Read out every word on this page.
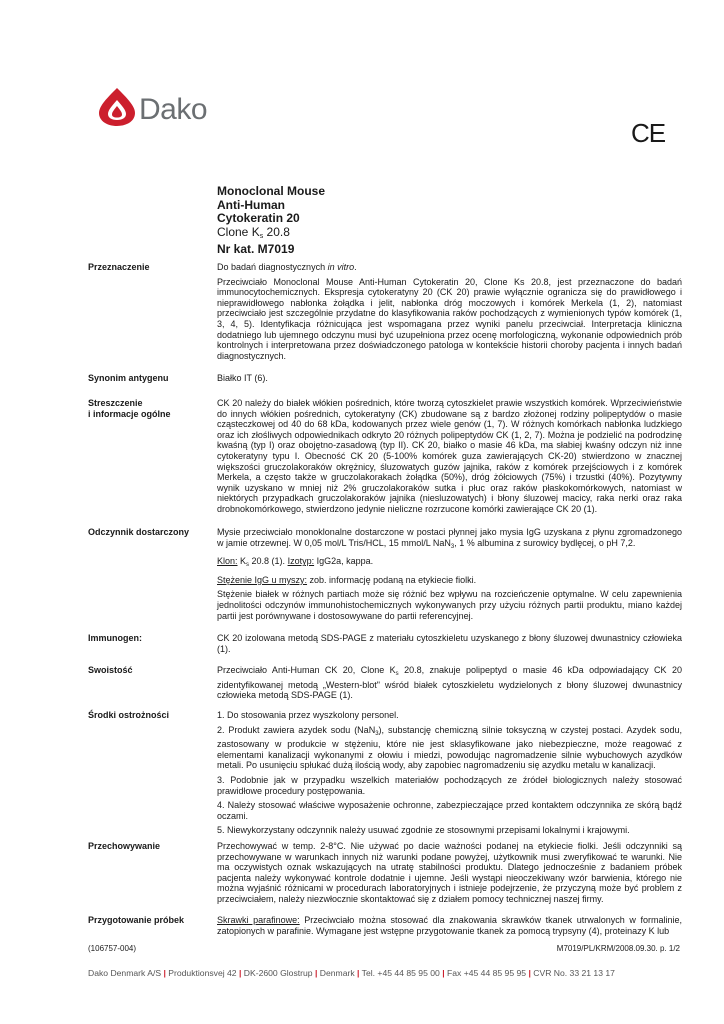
Dako
CE
Monoclonal Mouse
Anti-Human
Cytokeratin 20
Clone $K_s$ 20.8
Nr kat. M7019
Przeznaczenie	Do badań diagnostycznych in vitro.

Przeciwciało Monoclonal Mouse Anti-Human Cytokeratin 20, Clone Ks 20.8, jest przeznaczone do badań immunocytochemicznych. Ekspresja cytokeratyny 20 (CK 20) prawie wyłącznie ogranicza się do prawidłowego i nieprawidłowego nabłonka żołądka i jelit, nabłonka dróg moczowych i komórek Merkela (1, 2), natomiast przeciwciało jest szczególnie przydatne do klasyfikowania raków pochodzących z wymienionych typów komórek (1, 3, 4, 5). Identyfikacja różnicująca jest wspomagana przez wyniki panelu przeciwciał. Interpretacja kliniczna dodatniego lub ujemnego odczynu musi być uzupełniona przez ocenę morfologiczną, wykonanie odpowiednich prób kontrolnych i interpretowana przez doświadczonego patologa w kontekście historii choroby pacjenta i innych badań diagnostycznych.

Synonim antygenu	Białko IT (6).
Streszczenie
i informacje ogólne
CK 20 należy do białek włókien pośrednich, które tworzą cytoszkielet prawie wszystkich komórek. Wprzeciwieństwie do innych włókien pośrednich, cytokeratyny (CK) zbudowane są z bardzo złożonej rodziny polipeptydów o masie cząsteczkowej od 40 do 68 kDa, kodowanych przez wiele genów (1, 7). W różnych komórkach nabłonka ludzkiego oraz ich złośliwych odpowiednikach odkryto 20 różnych polipeptydów CK (1, 2, 7). Można je podzielić na podrodzinę kwaśną (typ I) oraz obojętno-zasadową (typ II). CK 20, białko o masie 46 kDa, ma słabiej kwaśny odczyn niż inne cytokeratyny typu I. Obecność CK 20 (5-100% komórek guza zawierających CK-20) stwierdzono w znacznej większości gruczolakoraków okrężnicy, śluzowatych guzów jajnika, raków z komórek przejściowych i z komórek Merkela, a często także w gruczolakorakach żołądka (50%), dróg żółciowych (75%) i trzustki (40%). Pozytywny wynik uzyskano w mniej niż 2% gruczolakoraków sutka i płuc oraz raków płaskokomórkowych, natomiast w niektórych przypadkach gruczolakoraków jajnika (niesluzowatych) i błony śluzowej macicy, raka nerki oraz raka drobnokomórkowego, stwierdzono jedynie nieliczne rozrzucone komórki zawierające CK 20 (1).
Odczynnik dostarczony	Mysie przeciwciało monoklonalne dostarczone w postaci płynnej jako mysia IgG uzyskana z płynu zgromadzonego w jamie otrzewnej. W 0,05 mol/L Tris/HCL, 15 mmol/L NaN$_3$, 1 % albumina z surowicy bydlęcej, o pH 7,2.

Klon: $K_s$ 20.8 (1). Izotyp: IgG2a, kappa.

Stężenie IgG u myszy: zob. informację podaną na etykiecie fiolki.

Stężenie białek w różnych partiach może się różnić bez wpływu na rozcieńczenie optymalne. W celu zapewnienia jednolitości odczynów immunohistochemicznych wykonywanych przy użyciu różnych partii produktu, miano każdej partii jest porównywane i dostosowywane do partii referencyjnej.

Immunogen:	CK 20 izolowana metodą SDS-PAGE z materiału cytoszkieletu uzyskanego z błony śluzowej dwunastnicy człowieka (1).
Swoistość	Przeciwciało Anti-Human CK 20, Clone $K_s$ 20.8, znakuje polipeptyd o masie 46 kDa odpowiadający CK 20 zidentyfikowanej metodą „Western-blot" wśród białek cytoszkieletu wydzielonych z błony śluzowej dwunastnicy człowieka metodą SDS-PAGE (1).
Środki ostrożności	1. Do stosowania przez wyszkolony personel.

2. Produkt zawiera azydek sodu (NaN$_3$), substancję chemiczną silnie toksyczną w czystej postaci. Azydek sodu, zastosowany w produkcie w stężeniu, które nie jest sklasyfikowane jako niebezpieczne, może reagować z elementami kanalizacji wykonanymi z ołowiu i miedzi, powodując nagromadzenie silnie wybuchowych azydków metali. Po usunięciu spłukać dużą ilością wody, aby zapobiec nagromadzeniu się azydku metalu w kanalizacji.

3. Podobnie jak w przypadku wszelkich materiałów pochodzących ze źródeł biologicznych należy stosować prawidłowe procedury postępowania.

4. Należy stosować właściwe wyposażenie ochronne, zabezpieczające przed kontaktem odczynnika ze skórą bądź oczami.

5. Niewykorzystany odczynnik należy usuwać zgodnie ze stosownymi przepisami lokalnymi i krajowymi.

Przechowywanie	Przechowywać w temp. 2-8°C. Nie używać po dacie ważności podanej na etykiecie fiolki. Jeśli odczynniki są przechowywane w warunkach innych niż warunki podane powyżej, użytkownik musi zweryfikować te warunki. Nie ma oczywistych oznak wskazujących na utratę stabilności produktu. Dlatego jednocześnie z badaniem próbek pacjenta należy wykonywać kontrole dodatnie i ujemne. Jeśli wystąpi nieoczekiwany wzór barwienia, którego nie można wyjaśnić różnicami w procedurach laboratoryjnych i istnieje podejrzenie, że przyczyną może być problem z przeciwciałem, należy niezwłocznie skontaktować się z działem pomocy technicznej naszej firmy.
Przygotowanie próbek	Skrawki parafinowe: Przeciwciało można stosować dla znakowania skrawków tkanek utrwalonych w formalinie, zatopionych w parafinie. Wymagane jest wstępne przygotowanie tkanek za pomocą trypsyny (4), proteinazy K lub
(106757-004)	M7019/PL/KRM/2008.09.30. p. 1/2
Dako Denmark A/S | Produktionsvej 42 | DK-2600 Glostrup | Denmark | Tel. +45 44 85 95 00 | Fax +45 44 85 95 95 | CVR No. 33 21 13 17
